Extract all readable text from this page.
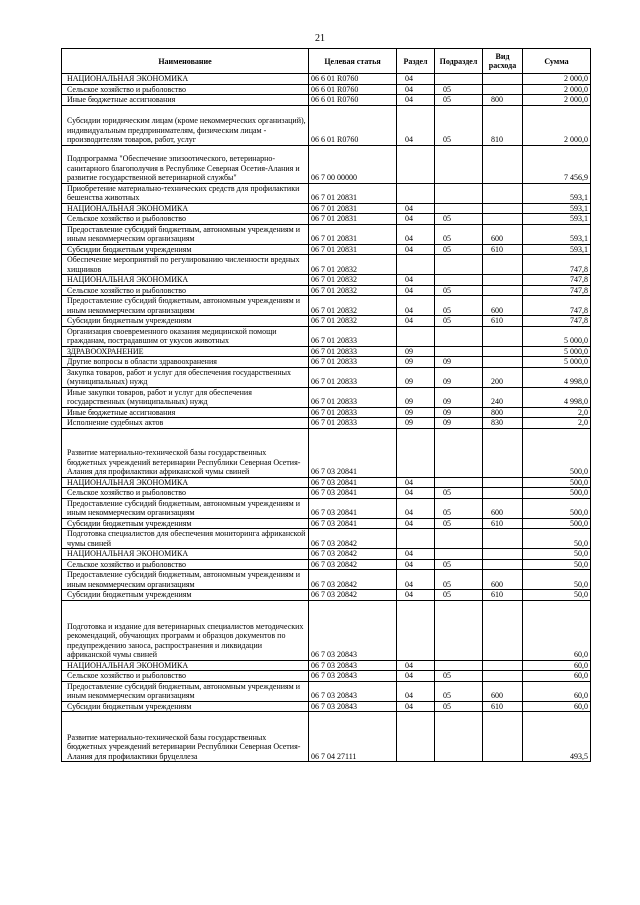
21
Наименование	Целевая статья	Раздел	Подраздел	Вид расхода	Сумма

НАЦИОНАЛЬНАЯ ЭКОНОМИКА	06 6 01 R0760	04			2 000,0

Сельское хозяйство и рыболовство	06 6 01 R0760	04	05		2 000,0

Иные бюджетные ассигнования	06 6 01 R0760	04	05	800	2 000,0

Субсидии юридическим лицам (кроме некоммерческих организаций), индивидуальным предпринимателям, физическим лицам - производителям товаров, работ, услуг	06 6 01 R0760	04	05	810	2 000,0

Подпрограмма "Обеспечение эпизоотического, ветеринарно-санитарного благополучия в Республике Северная Осетия-Алания и развитие государственной ветеринарной службы"	06 7 00 00000				7 456,9

Приобретение материально-технических средств для профилактики бешенства животных	06 7 01 20831				593,1

НАЦИОНАЛЬНАЯ ЭКОНОМИКА	06 7 01 20831	04			593,1

Сельское хозяйство и рыболовство	06 7 01 20831	04	05		593,1

Предоставление субсидий бюджетным, автономным учреждениям и иным некоммерческим организациям	06 7 01 20831	04	05	600	593,1

Субсидии бюджетным учреждениям	06 7 01 20831	04	05	610	593,1

Обеспечение мероприятий по регулированию численности вредных хищников	06 7 01 20832				747,8

НАЦИОНАЛЬНАЯ ЭКОНОМИКА	06 7 01 20832	04			747,8

Сельское хозяйство и рыболовство	06 7 01 20832	04	05		747,8

Предоставление субсидий бюджетным, автономным учреждениям и иным некоммерческим организациям	06 7 01 20832	04	05	600	747,8

Субсидии бюджетным учреждениям	06 7 01 20832	04	05	610	747,8

Организация своевременного оказания медицинской помощи гражданам, пострадавшим от укусов животных	06 7 01 20833				5 000,0

ЗДРАВООХРАНЕНИЕ	06 7 01 20833	09			5 000,0

Другие вопросы в области здравоохранения	06 7 01 20833	09	09		5 000,0

Закупка товаров, работ и услуг для обеспечения государственных (муниципальных) нужд	06 7 01 20833	09	09	200	4 998,0

Иные закупки товаров, работ и услуг для обеспечения государственных (муниципальных) нужд	06 7 01 20833	09	09	240	4 998,0

Иные бюджетные ассигнования	06 7 01 20833	09	09	800	2,0

Исполнение судебных актов	06 7 01 20833	09	09	830	2,0

Развитие материально-технической базы государственных бюджетных учреждений ветеринарии Республики Северная Осетия-Алания для профилактики африканской чумы свиней	06 7 03 20841				500,0

НАЦИОНАЛЬНАЯ ЭКОНОМИКА	06 7 03 20841	04			500,0

Сельское хозяйство и рыболовство	06 7 03 20841	04	05		500,0

Предоставление субсидий бюджетным, автономным учреждениям и иным некоммерческим организациям	06 7 03 20841	04	05	600	500,0

Субсидии бюджетным учреждениям	06 7 03 20841	04	05	610	500,0

Подготовка специалистов для обеспечения мониторинга африканской чумы свиней	06 7 03 20842				50,0

НАЦИОНАЛЬНАЯ ЭКОНОМИКА	06 7 03 20842	04			50,0

Сельское хозяйство и рыболовство	06 7 03 20842	04	05		50,0

Предоставление субсидий бюджетным, автономным учреждениям и иным некоммерческим организациям	06 7 03 20842	04	05	600	50,0

Субсидии бюджетным учреждениям	06 7 03 20842	04	05	610	50,0

Подготовка и издание для ветеринарных специалистов методических рекомендаций, обучающих программ и образцов документов по предупреждению заноса, распространения и ликвидации африканской чумы свиней	06 7 03 20843				60,0

НАЦИОНАЛЬНАЯ ЭКОНОМИКА	06 7 03 20843	04			60,0

Сельское хозяйство и рыболовство	06 7 03 20843	04	05		60,0

Предоставление субсидий бюджетным, автономным учреждениям и иным некоммерческим организациям	06 7 03 20843	04	05	600	60,0

Субсидии бюджетным учреждениям	06 7 03 20843	04	05	610	60,0

Развитие материально-технической базы государственных бюджетных учреждений ветеринарии Республики Северная Осетия-Алания для профилактики бруцеллеза	06 7 04 27111				493,5
